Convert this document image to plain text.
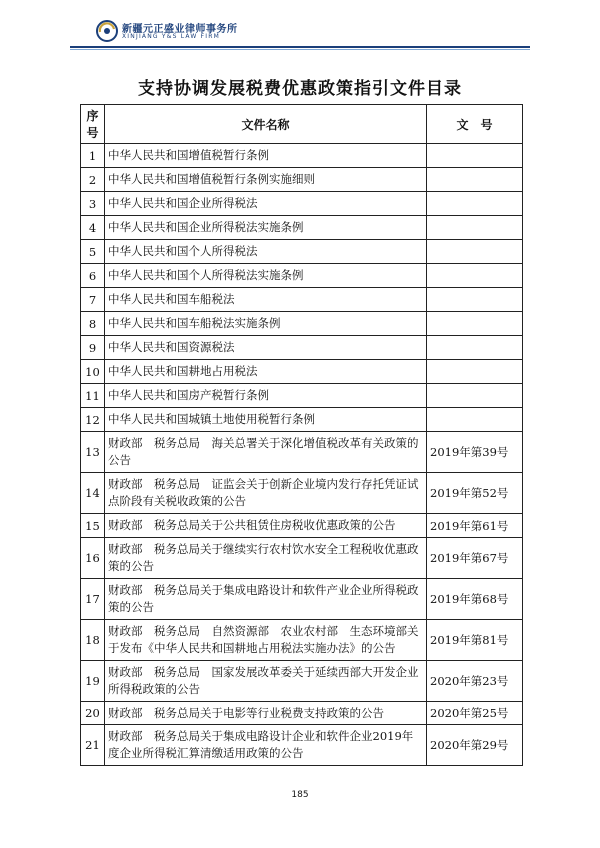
新疆元正盛业律师事务所
XINJIANG Y&S LAW FIRM
支持协调发展税费优惠政策指引文件目录
序号	文件名称	文　号
1	中华人民共和国增值税暂行条例	
2	中华人民共和国增值税暂行条例实施细则	
3	中华人民共和国企业所得税法	
4	中华人民共和国企业所得税法实施条例	
5	中华人民共和国个人所得税法	
6	中华人民共和国个人所得税法实施条例	
7	中华人民共和国车船税法	
8	中华人民共和国车船税法实施条例	
9	中华人民共和国资源税法	
10	中华人民共和国耕地占用税法	
11	中华人民共和国房产税暂行条例	
12	中华人民共和国城镇土地使用税暂行条例	
13	财政部　税务总局　海关总署关于深化增值税改革有关政策的公告	2019年第39号
14	财政部　税务总局　证监会关于创新企业境内发行存托凭证试点阶段有关税收政策的公告	2019年第52号
15	财政部　税务总局关于公共租赁住房税收优惠政策的公告	2019年第61号
16	财政部　税务总局关于继续实行农村饮水安全工程税收优惠政策的公告	2019年第67号
17	财政部　税务总局关于集成电路设计和软件产业企业所得税政策的公告	2019年第68号
18	财政部　税务总局　自然资源部　农业农村部　生态环境部关于发布《中华人民共和国耕地占用税法实施办法》的公告	2019年第81号
19	财政部　税务总局　国家发展改革委关于延续西部大开发企业所得税政策的公告	2020年第23号
20	财政部　税务总局关于电影等行业税费支持政策的公告	2020年第25号
21	财政部　税务总局关于集成电路设计企业和软件企业2019年度企业所得税汇算清缴适用政策的公告	2020年第29号
185
